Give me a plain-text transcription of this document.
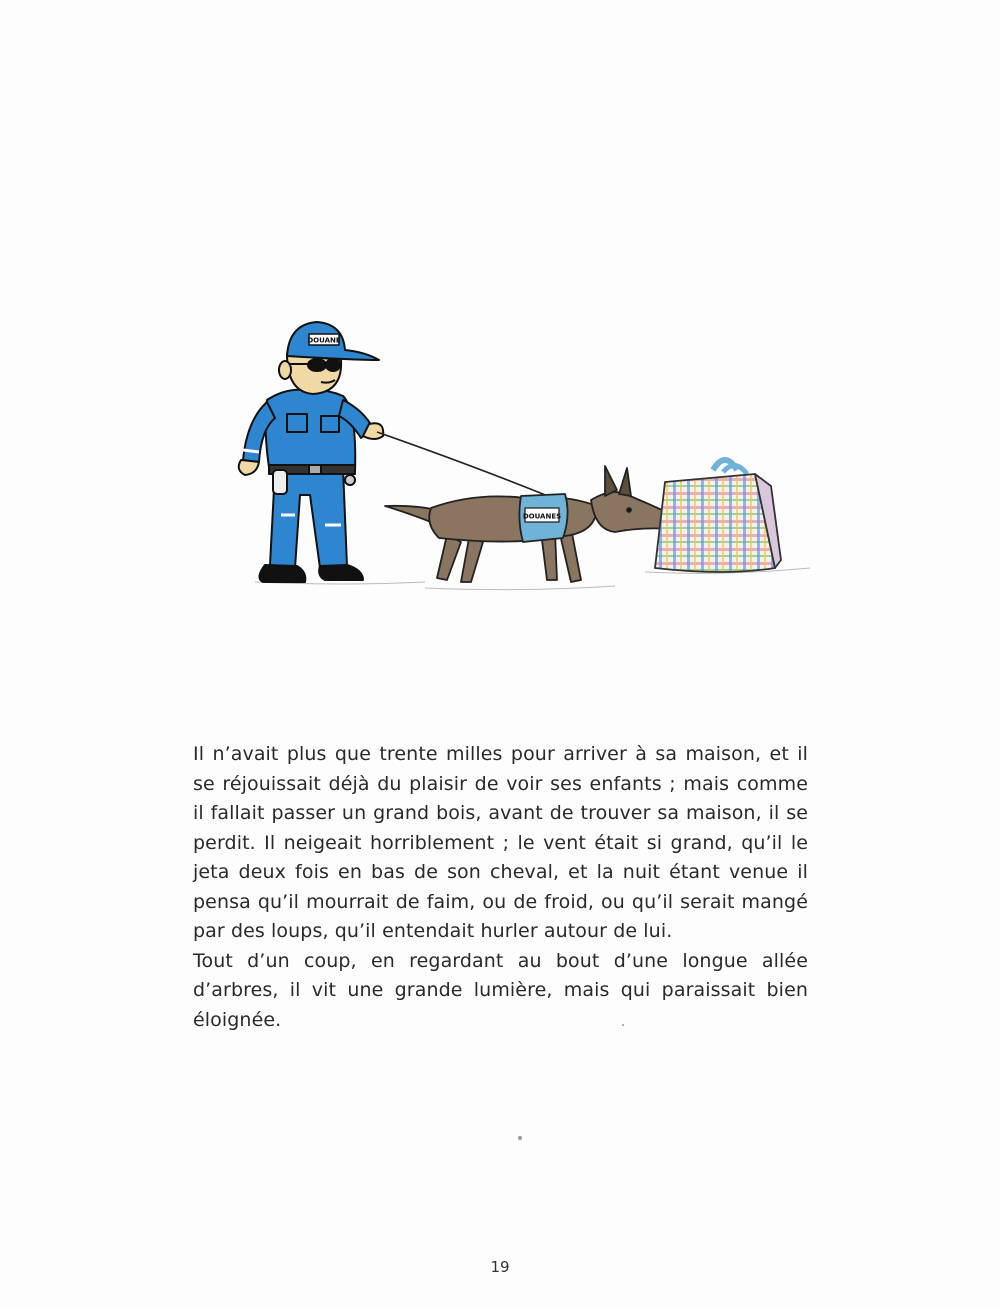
DOUANE
DOUANES

Il n’avait plus que trente milles pour arriver à sa maison, et il se réjouissait déjà du plaisir de voir ses enfants ; mais comme il fallait passer un grand bois, avant de trouver sa maison, il se perdit. Il neigeait horriblement ; le vent était si grand, qu’il le jeta deux fois en bas de son cheval, et la nuit étant venue il pensa qu’il mourrait de faim, ou de froid, ou qu’il serait mangé par des loups, qu’il entendait hurler autour de lui.

Tout d’un coup, en regardant au bout d’une longue allée d’arbres, il vit une grande lumière, mais qui paraissait bien éloignée.

19
